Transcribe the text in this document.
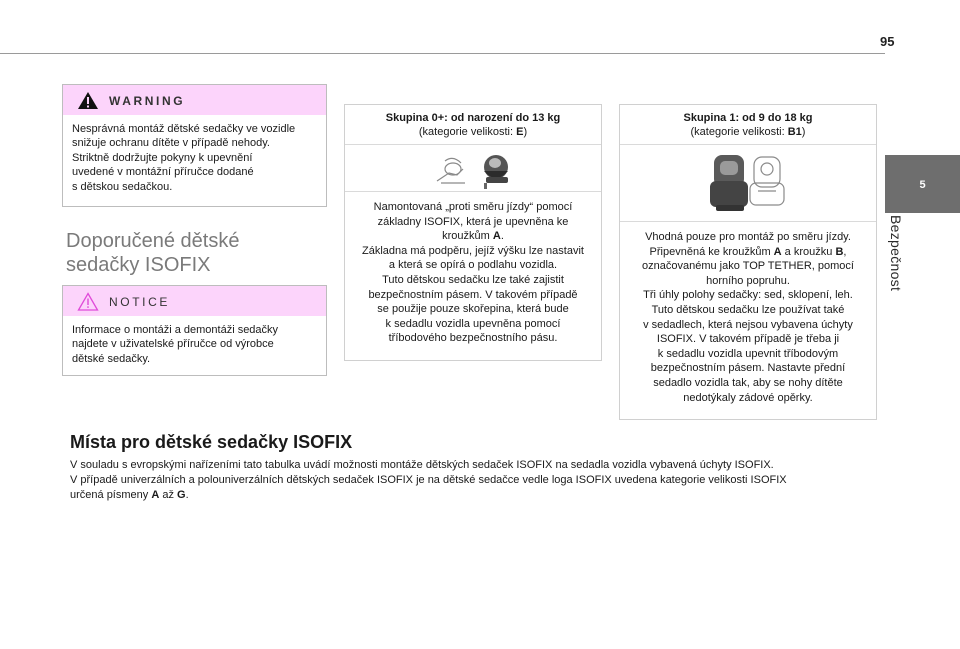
95
5
Bezpečnost
WARNING
Nesprávná montáž dětské sedačky ve vozidle
snižuje ochranu dítěte v případě nehody.
Striktně dodržujte pokyny k upevnění
uvedené v montážní příručce dodané
s dětskou sedačkou.
Doporučené dětské
sedačky ISOFIX
NOTICE
Informace o montáži a demontáži sedačky
najdete v uživatelské příručce od výrobce
dětské sedačky.
Skupina 0+: od narození do 13 kg
(kategorie velikosti: E)
Namontovaná „proti směru jízdy“ pomocí
základny ISOFIX, která je upevněna ke
kroužkům A.
Základna má podpěru, jejíž výšku lze nastavit
a která se opírá o podlahu vozidla.
Tuto dětskou sedačku lze také zajistit
bezpečnostním pásem. V takovém případě
se použije pouze skořepina, která bude
k sedadlu vozidla upevněna pomocí
tříbodového bezpečnostního pásu.
Skupina 1: od 9 do 18 kg
(kategorie velikosti: B1)
Vhodná pouze pro montáž po směru jízdy.
Připevněná ke kroužkům A a kroužku B,
označovanému jako TOP TETHER, pomocí
horního popruhu.
Tři úhly polohy sedačky: sed, sklopení, leh.
Tuto dětskou sedačku lze používat také
v sedadlech, která nejsou vybavena úchyty
ISOFIX. V takovém případě je třeba ji
k sedadlu vozidla upevnit tříbodovým
bezpečnostním pásem. Nastavte přední
sedadlo vozidla tak, aby se nohy dítěte
nedotýkaly zádové opěrky.
Místa pro dětské sedačky ISOFIX
V souladu s evropskými nařízeními tato tabulka uvádí možnosti montáže dětských sedaček ISOFIX na sedadla vozidla vybavená úchyty ISOFIX.
V případě univerzálních a polouniverzálních dětských sedaček ISOFIX je na dětské sedačce vedle loga ISOFIX uvedena kategorie velikosti ISOFIX
určená písmeny A až G.
